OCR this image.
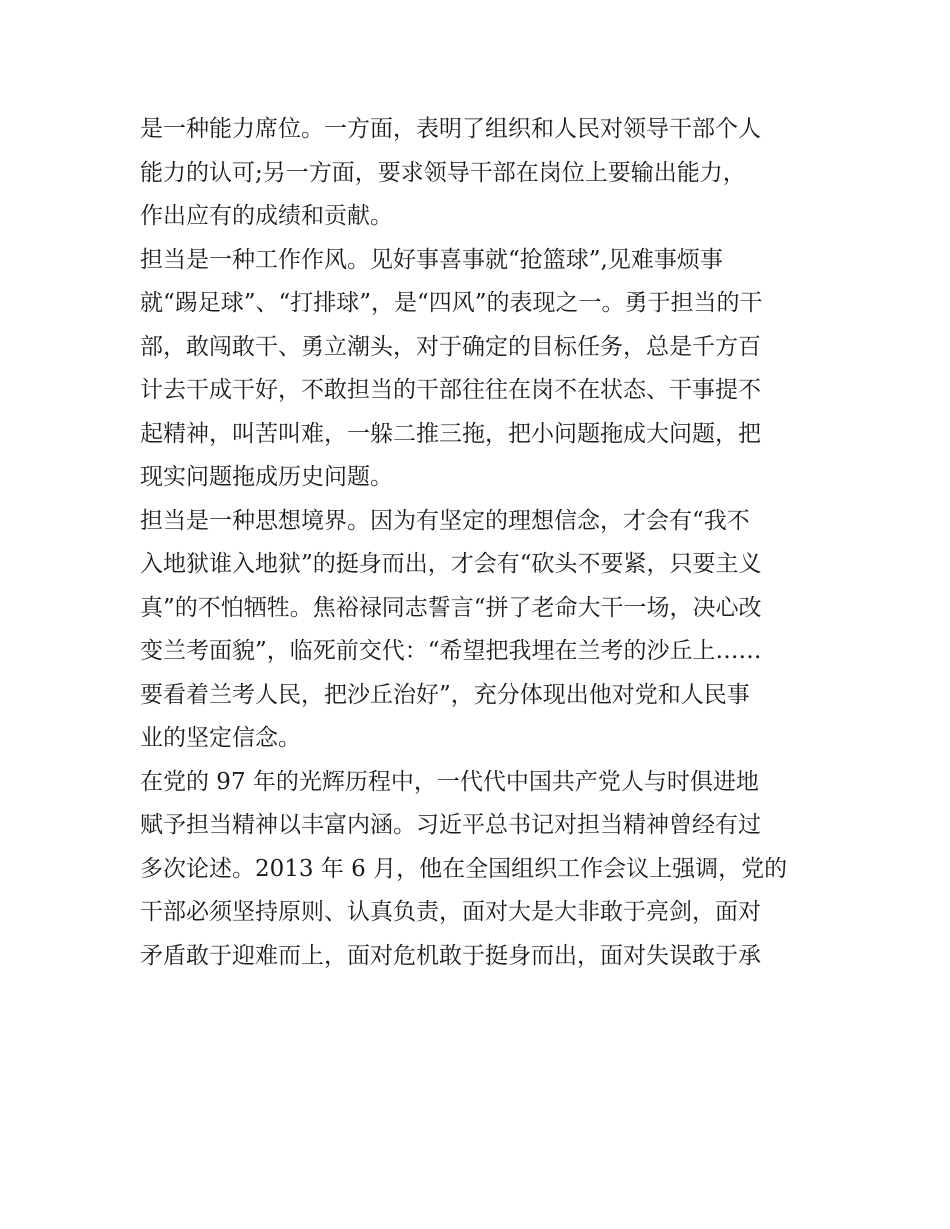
是一种能力席位。一方面，表明了组织和人民对领导干部个人
能力的认可;另一方面，要求领导干部在岗位上要输出能力，
作出应有的成绩和贡献。
担当是一种工作作风。见好事喜事就“抢篮球”,见难事烦事
就“踢足球”、“打排球”，是“四风”的表现之一。勇于担当的干
部，敢闯敢干、勇立潮头，对于确定的目标任务，总是千方百
计去干成干好，不敢担当的干部往往在岗不在状态、干事提不
起精神，叫苦叫难，一躲二推三拖，把小问题拖成大问题，把
现实问题拖成历史问题。
担当是一种思想境界。因为有坚定的理想信念，才会有“我不
入地狱谁入地狱”的挺身而出，才会有“砍头不要紧，只要主义
真”的不怕牺牲。焦裕禄同志誓言“拼了老命大干一场，决心改
变兰考面貌”，临死前交代：“希望把我埋在兰考的沙丘上……
要看着兰考人民，把沙丘治好”，充分体现出他对党和人民事
业的坚定信念。
在党的 97 年的光辉历程中，一代代中国共产党人与时俱进地
赋予担当精神以丰富内涵。习近平总书记对担当精神曾经有过
多次论述。2013 年 6 月，他在全国组织工作会议上强调，党的
干部必须坚持原则、认真负责，面对大是大非敢于亮剑，面对
矛盾敢于迎难而上，面对危机敢于挺身而出，面对失误敢于承
